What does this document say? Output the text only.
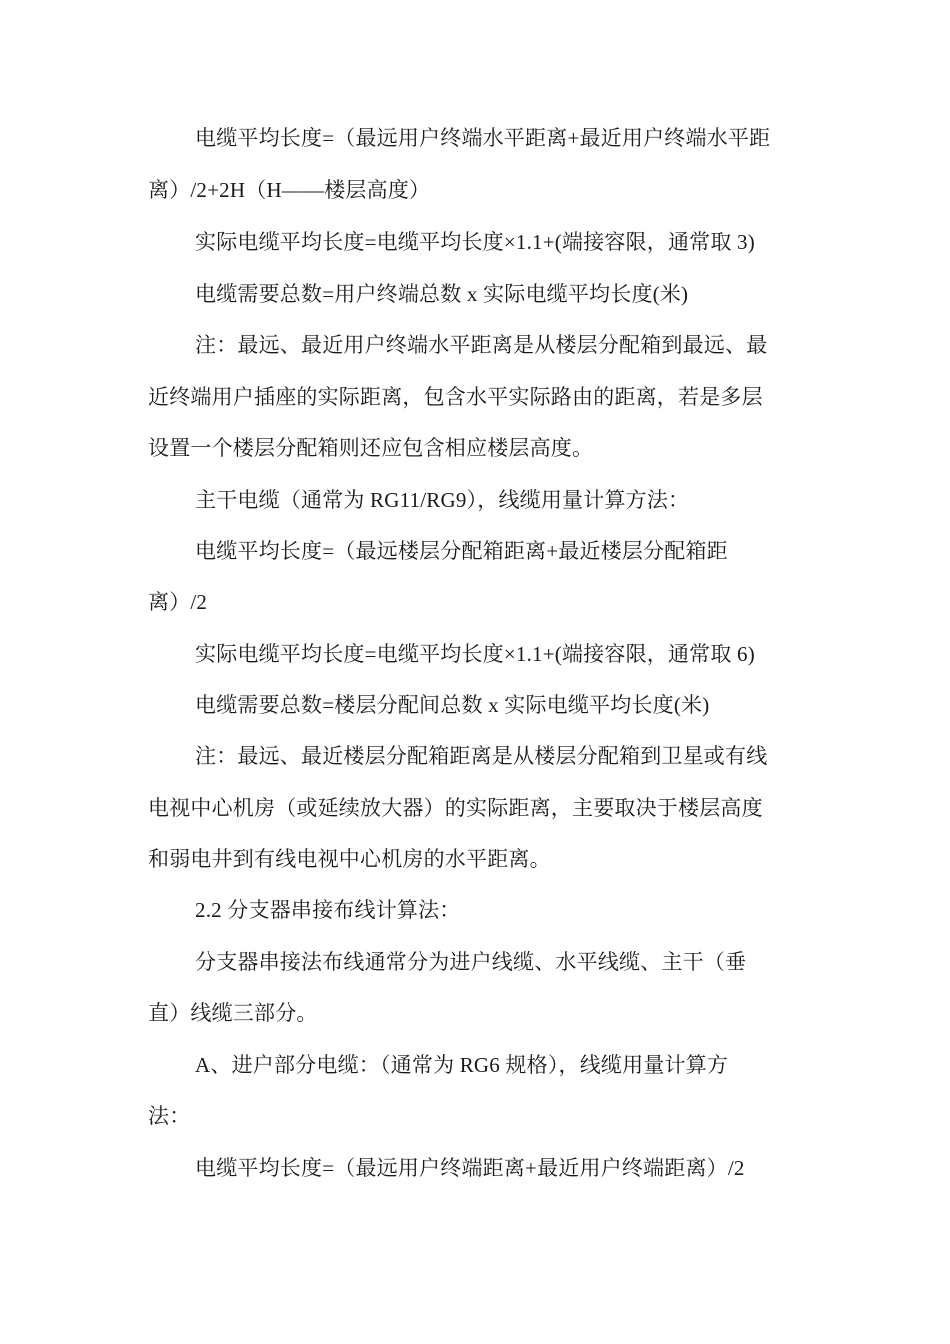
电缆平均长度=（最远用户终端水平距离+最近用户终端水平距
离）/2+2H（H——楼层高度）
实际电缆平均长度=电缆平均长度×1.1+(端接容限，通常取 3)
电缆需要总数=用户终端总数 x 实际电缆平均长度(米)
注：最远、最近用户终端水平距离是从楼层分配箱到最远、最
近终端用户插座的实际距离，包含水平实际路由的距离，若是多层
设置一个楼层分配箱则还应包含相应楼层高度。
主干电缆（通常为 RG11/RG9），线缆用量计算方法：
电缆平均长度=（最远楼层分配箱距离+最近楼层分配箱距
离）/2
实际电缆平均长度=电缆平均长度×1.1+(端接容限，通常取 6)
电缆需要总数=楼层分配间总数 x 实际电缆平均长度(米)
注：最远、最近楼层分配箱距离是从楼层分配箱到卫星或有线
电视中心机房（或延续放大器）的实际距离，主要取决于楼层高度
和弱电井到有线电视中心机房的水平距离。
2.2 分支器串接布线计算法：
分支器串接法布线通常分为进户线缆、水平线缆、主干（垂
直）线缆三部分。
A、进户部分电缆：（通常为 RG6 规格），线缆用量计算方
法：
电缆平均长度=（最远用户终端距离+最近用户终端距离）/2
